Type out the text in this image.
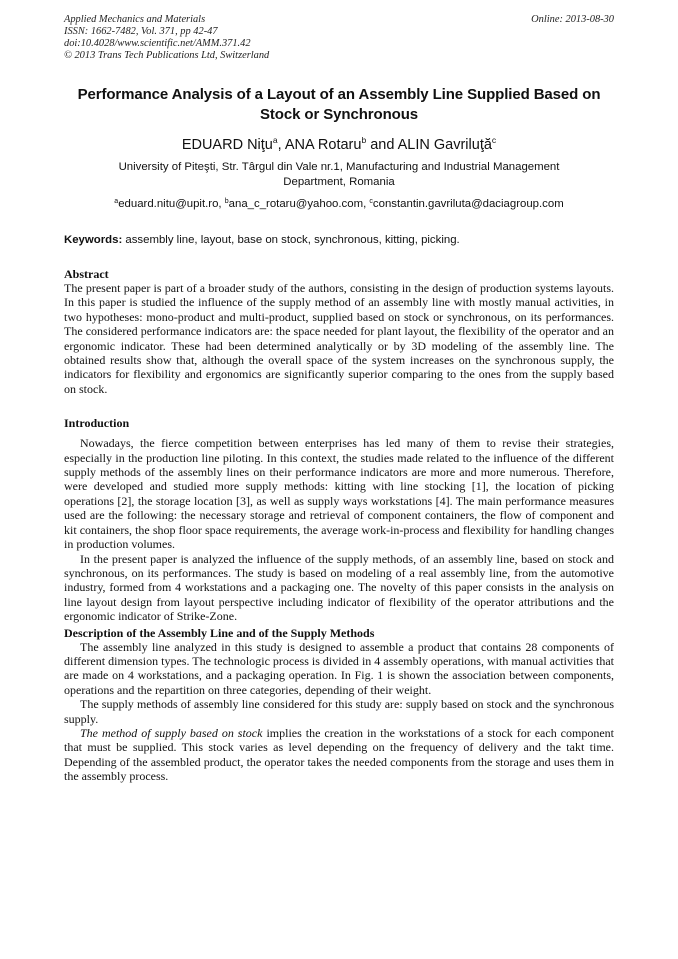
Applied Mechanics and Materials
ISSN: 1662-7482, Vol. 371, pp 42-47
doi:10.4028/www.scientific.net/AMM.371.42
© 2013 Trans Tech Publications Ltd, Switzerland
Online: 2013-08-30
Performance Analysis of a Layout of an Assembly Line Supplied Based on Stock or Synchronous
EDUARD Niţu$^a$, ANA Rotaru$^b$ and ALIN Gavriluţă$^c$
University of Piteşti, Str. Târgul din Vale nr.1, Manufacturing and Industrial Management
Department, Romania
$^a$eduard.nitu@upit.ro, $^b$ana_c_rotaru@yahoo.com, $^c$constantin.gavriluta@daciagroup.com
Keywords: assembly line, layout, base on stock, synchronous, kitting, picking.
Abstract

The present paper is part of a broader study of the authors, consisting in the design of production systems layouts. In this paper is studied the influence of the supply method of an assembly line with mostly manual activities, in two hypotheses: mono-product and multi-product, supplied based on stock or synchronous, on its performances. The considered performance indicators are: the space needed for plant layout, the flexibility of the operator and an ergonomic indicator. These had been determined analytically or by 3D modeling of the assembly line. The obtained results show that, although the overall space of the system increases on the synchronous supply, the indicators for flexibility and ergonomics are significantly superior comparing to the ones from the supply based on stock.

Introduction

Nowadays, the fierce competition between enterprises has led many of them to revise their strategies, especially in the production line piloting. In this context, the studies made related to the influence of the different supply methods of the assembly lines on their performance indicators are more and more numerous. Therefore, were developed and studied more supply methods: kitting with line stocking [1], the location of picking operations [2], the storage location [3], as well as supply ways workstations [4]. The main performance measures used are the following: the necessary storage and retrieval of component containers, the flow of component and kit containers, the shop floor space requirements, the average work-in-process and flexibility for handling changes in production volumes.

In the present paper is analyzed the influence of the supply methods, of an assembly line, based on stock and synchronous, on its performances. The study is based on modeling of a real assembly line, from the automotive industry, formed from 4 workstations and a packaging one. The novelty of this paper consists in the analysis on line layout design from layout perspective including indicator of flexibility of the operator attributions and the ergonomic indicator of Strike-Zone.

Description of the Assembly Line and of the Supply Methods

The assembly line analyzed in this study is designed to assemble a product that contains 28 components of different dimension types. The technologic process is divided in 4 assembly operations, with manual activities that are made on 4 workstations, and a packaging operation. In Fig. 1 is shown the association between components, operations and the repartition on three categories, depending of their weight.

The supply methods of assembly line considered for this study are: supply based on stock and the synchronous supply.

The method of supply based on stock implies the creation in the workstations of a stock for each component that must be supplied. This stock varies as level depending on the frequency of delivery and the takt time. Depending of the assembled product, the operator takes the needed components from the storage and uses them in the assembly process.
